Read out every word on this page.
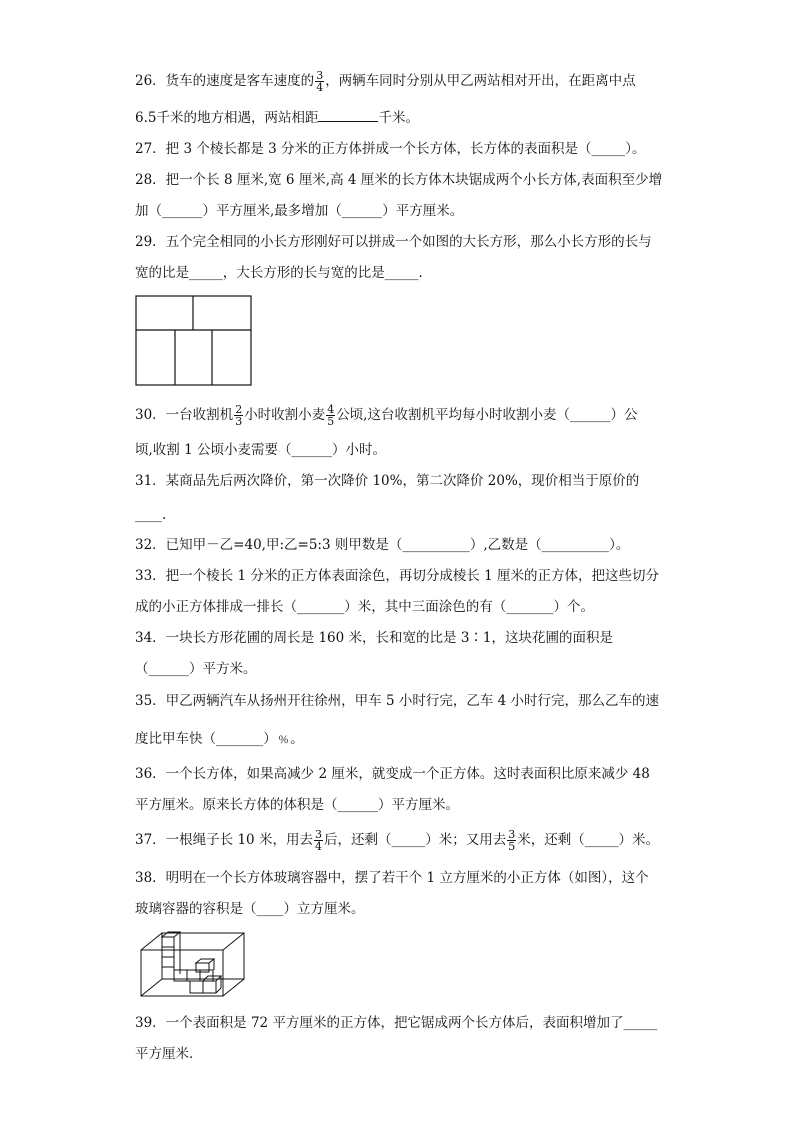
26．货车的速度是客车速度的 $\frac{3}{4}$ ，两辆车同时分别从甲乙两站相对开出，在距离中点
6.5千米的地方相遇，两站相距	千米。
27．把 3 个棱长都是 3 分米的正方体拼成一个长方体，长方体的表面积是（_____）。
28．把一个长 8 厘米,宽 6 厘米,高 4 厘米的长方体木块锯成两个小长方体,表面积至少增
加（______）平方厘米,最多增加（______）平方厘米。
29．五个完全相同的小长方形刚好可以拼成一个如图的大长方形，那么小长方形的长与
宽的比是_____，大长方形的长与宽的比是_____．
30．一台收割机 $\frac{2}{3}$ 小时收割小麦 $\frac{4}{5}$ 公顷,这台收割机平均每小时收割小麦（______）公
顷,收割 1 公顷小麦需要（______）小时。
31．某商品先后两次降价，第一次降价 10%，第二次降价 20%，现价相当于原价的
____.
32．已知甲－乙=40,甲:乙=5:3 则甲数是（__________）,乙数是（__________）。
33．把一个棱长 1 分米的正方体表面涂色，再切分成棱长 1 厘米的正方体，把这些切分
成的小正方体排成一排长（_______）米，其中三面涂色的有（_______）个。
34．一块长方形花圃的周长是 160 米，长和宽的比是 3∶1，这块花圃的面积是
（______）平方米。
35．甲乙两辆汽车从扬州开往徐州，甲车 5 小时行完，乙车 4 小时行完，那么乙车的速
度比甲车快（_______）﹪。
36．一个长方体，如果高减少 2 厘米，就变成一个正方体。这时表面积比原来减少 48
平方厘米。原来长方体的体积是（______）平方厘米。
37．一根绳子长 10 米，用去 $\frac{3}{4}$ 后，还剩（_____）米；又用去 $\frac{3}{5}$ 米，还剩（_____）米。
38．明明在一个长方体玻璃容器中，摆了若干个 1 立方厘米的小正方体（如图），这个
玻璃容器的容积是（____）立方厘米。
39．一个表面积是 72 平方厘米的正方体，把它锯成两个长方体后，表面积增加了_____
平方厘米．
